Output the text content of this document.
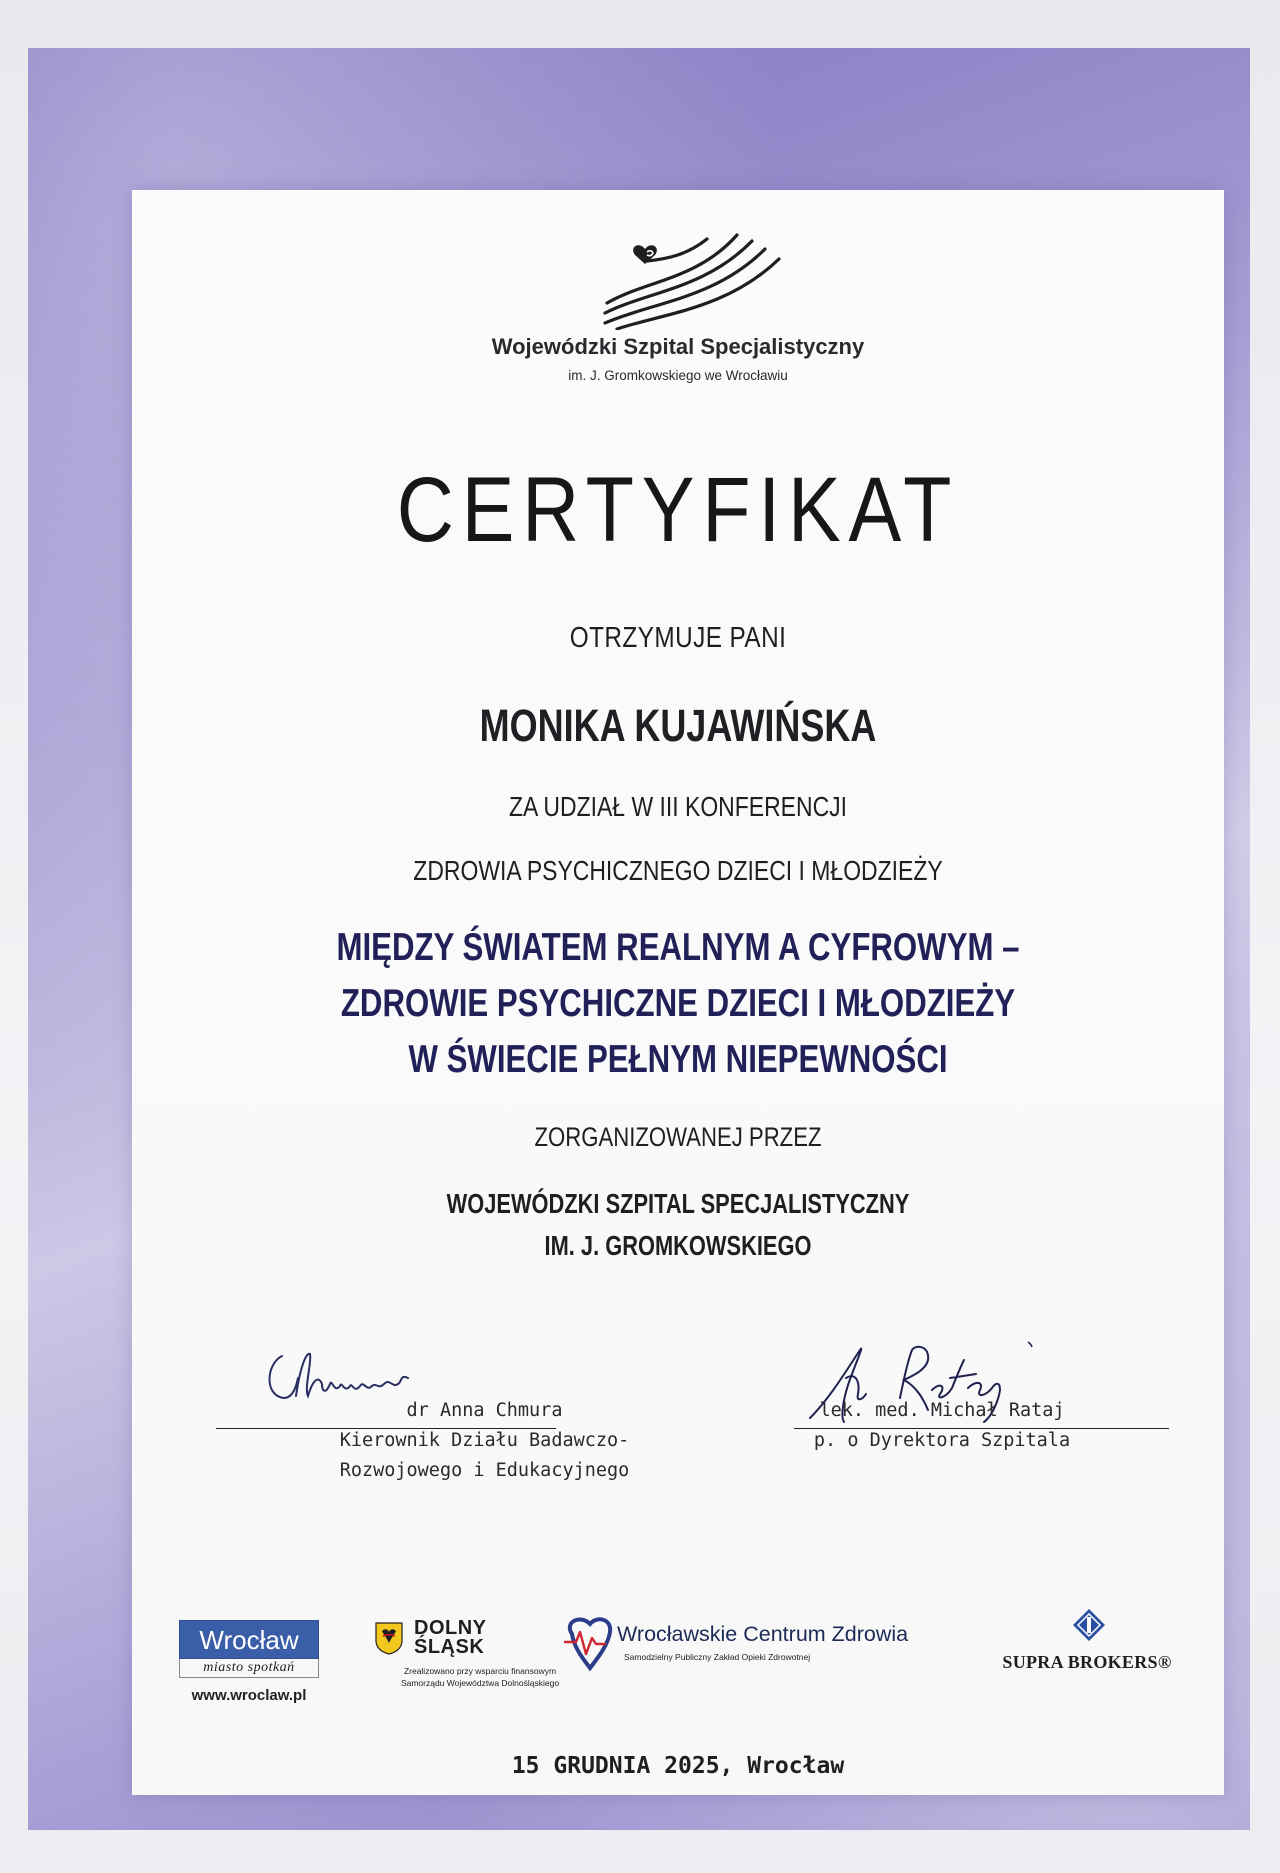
Wojewódzki Szpital Specjalistyczny
im. J. Gromkowskiego we Wrocławiu
CERTYFIKAT
OTRZYMUJE PANI
MONIKA KUJAWIŃSKA
ZA UDZIAŁ W III KONFERENCJI
ZDROWIA PSYCHICZNEGO DZIECI I MŁODZIEŻY
MIĘDZY ŚWIATEM REALNYM A CYFROWYM –
ZDROWIE PSYCHICZNE DZIECI I MŁODZIEŻY
W ŚWIECIE PEŁNYM NIEPEWNOŚCI
ZORGANIZOWANEJ PRZEZ
WOJEWÓDZKI SZPITAL SPECJALISTYCZNY
IM. J. GROMKOWSKIEGO
dr Anna Chmura
Kierownik Działu Badawczo-
Rozwojowego i Edukacyjnego
lek. med. Michał Rataj
p. o Dyrektora Szpitala
Wrocław
miasto spotkań
www.wroclaw.pl
DOLNY
ŚLĄSK
Zrealizowano przy wsparciu finansowym
Samorządu Województwa Dolnośląskiego
Wrocławskie Centrum Zdrowia
Samodzielny Publiczny Zakład Opieki Zdrowotnej	SUPRA BROKERS®
15 GRUDNIA 2025, Wrocław
